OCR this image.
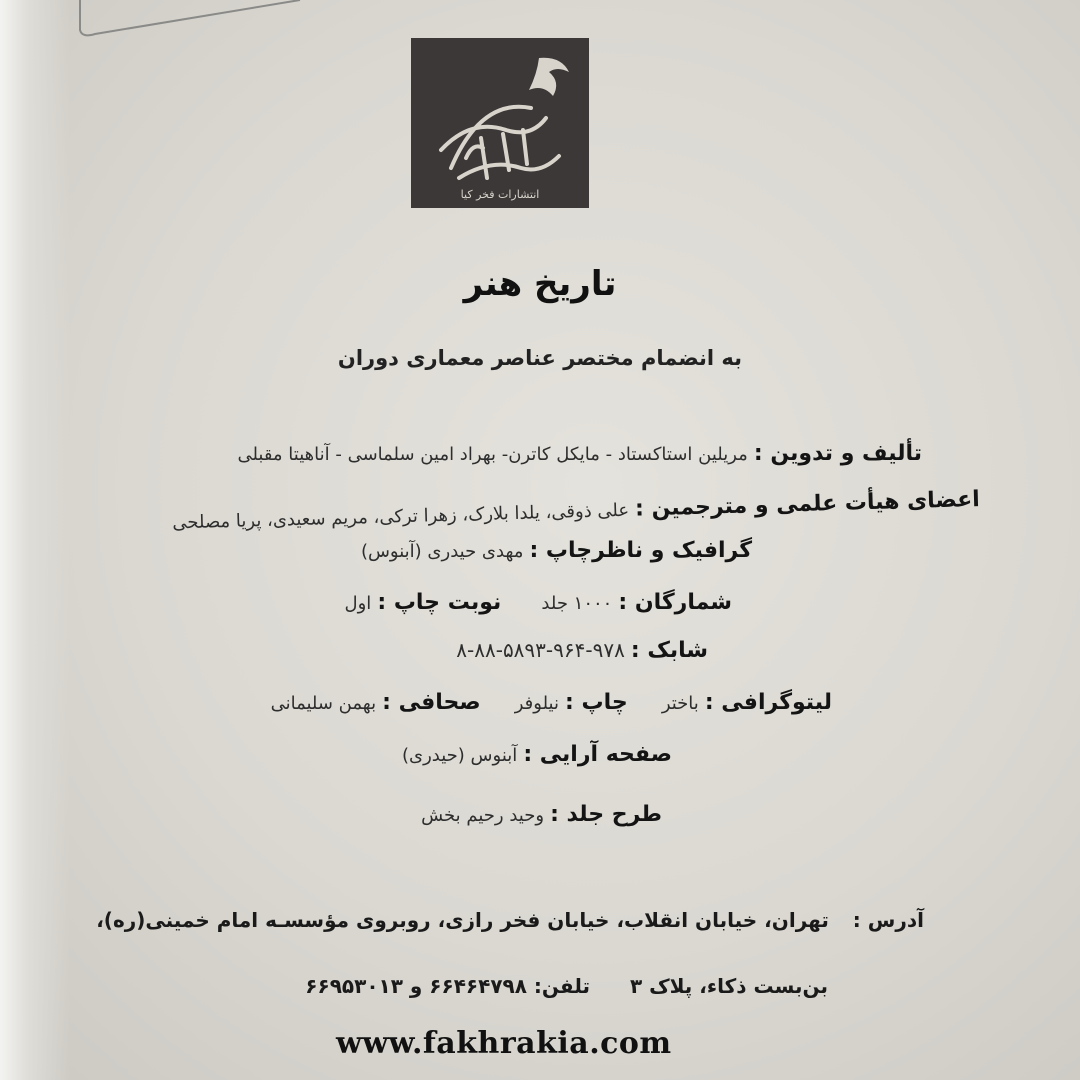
انتشارات فخر کیا
تاریخ هنر
به انضمام مختصر عناصر معماری دوران
تألیف و تدوین : مریلین استاکستاد - مایکل کاترن- بهراد امین سلماسی - آناهیتا مقبلی
اعضای هیأت علمی و مترجمین : علی ذوقی، یلدا بلارک، زهرا ترکی، مریم سعیدی، پریا مصلحی
گرافیک و ناظرچاپ : مهدی حیدری (آبنوس)
شمارگان : ۱۰۰۰ جلد  نوبت چاپ : اول
شابک : ۹۷۸-۹۶۴-۵۸۹۳-۸۸-۸
لیتوگرافی : باختر  چاپ : نیلوفر  صحافی : بهمن سلیمانی
صفحه آرایی : آبنوس (حیدری)
طرح جلد : وحید رحیم بخش
آدرس :  تهران، خیابان انقلاب، خیابان فخر رازی، روبروی مؤسسـه امام خمینی(ره)،
بن‌بست ذکاء، پلاک ۳  تلفن: ۶۶۴۶۴۷۹۸ و ۶۶۹۵۳۰۱۳
www.fakhrakia.com
